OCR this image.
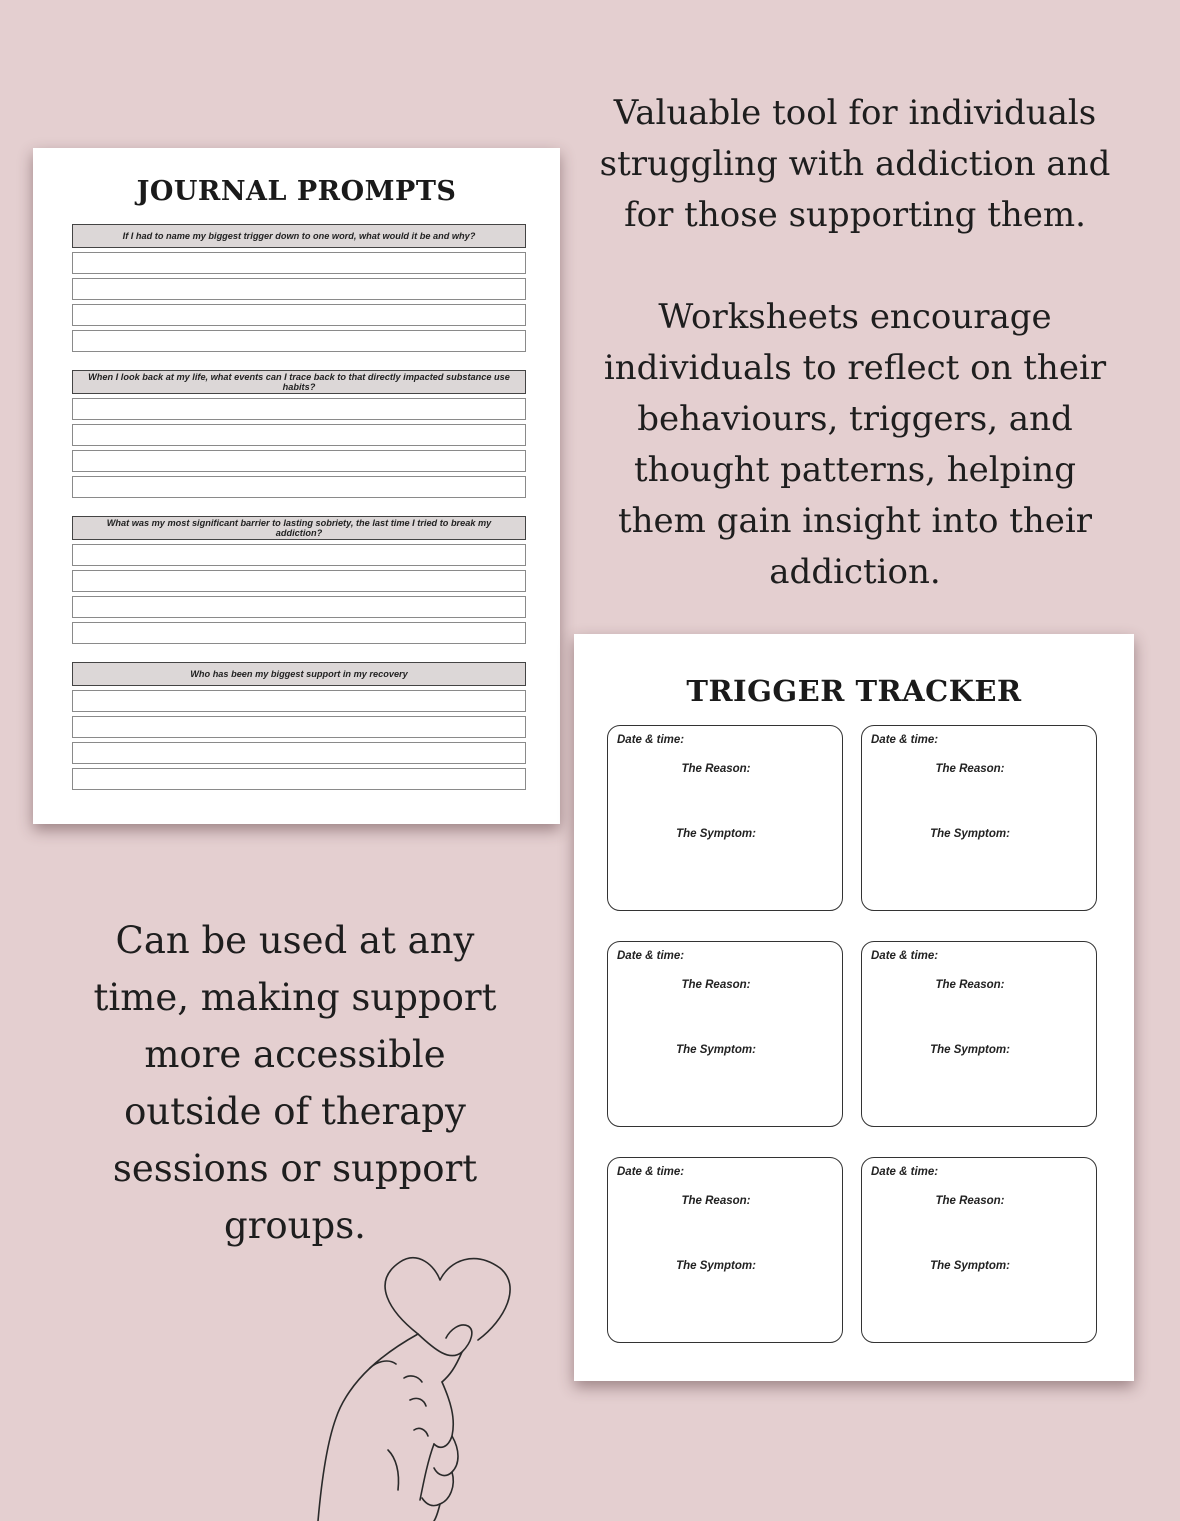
Valuable tool for individuals struggling with addiction and for those supporting them.

Worksheets encourage individuals to reflect on their behaviours, triggers, and thought patterns, helping them gain insight into their addiction.

JOURNAL PROMPTS
If I had to name my biggest trigger down to one word, what would it be and why?
When I look back at my life, what events can I trace back to that directly impacted substance use habits?
What was my most significant barrier to lasting sobriety, the last time I tried to break my addiction?
Who has been my biggest support in my recovery	TRIGGER TRACKER
Date & time:
The Reason:
The Symptom:
Date & time:
The Reason:
The Symptom:
Date & time:
The Reason:
The Symptom:
Date & time:
The Reason:
The Symptom:
Date & time:
The Reason:
The Symptom:
Date & time:
The Reason:
The Symptom:
Can be used at any time, making support more accessible outside of therapy sessions or support groups.
